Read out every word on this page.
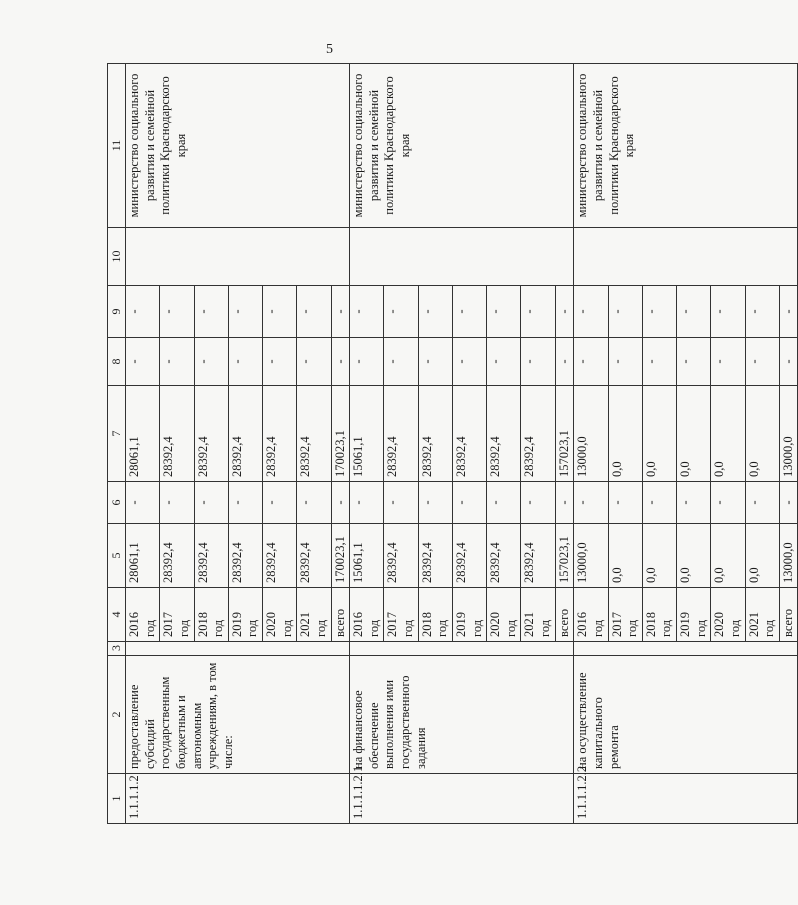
5
1	2	3	4	5	6	7	8	9	10	11
1.1.1.1.2	предоставление субсидий государственным бюджетным и автономным учреждениям, в том числе:		2016 год	28061,1	-	28061,1	-	-		министерство социального развития и семейной политики Краснодарского края
			2017 год	28392,4	-	28392,4	-	-		
			2018 год	28392,4	-	28392,4	-	-		
			2019 год	28392,4	-	28392,4	-	-		
			2020 год	28392,4	-	28392,4	-	-		
			2021 год	28392,4	-	28392,4	-	-		
			всего	170023,1	-	170023,1	-	-		
1.1.1.1.2.1	на финансовое обеспечение выполнения ими государственного задания		2016 год	15061,1	-	15061,1	-	-		министерство социального развития и семейной политики Краснодарского края
			2017 год	28392,4	-	28392,4	-	-		
			2018 год	28392,4	-	28392,4	-	-		
			2019 год	28392,4	-	28392,4	-	-		
			2020 год	28392,4	-	28392,4	-	-		
			2021 год	28392,4	-	28392,4	-	-		
			всего	157023,1	-	157023,1	-	-		
1.1.1.1.2.2	на осуществление капитального ремонта		2016 год	13000,0	-	13000,0	-	-		министерство социального развития и семейной политики Краснодарского края
			2017 год	0,0	-	0,0	-	-		
			2018 год	0,0	-	0,0	-	-		
			2019 год	0,0	-	0,0	-	-		
			2020 год	0,0	-	0,0	-	-		
			2021 год	0,0	-	0,0	-	-		
			всего	13000,0	-	13000,0	-	-		
